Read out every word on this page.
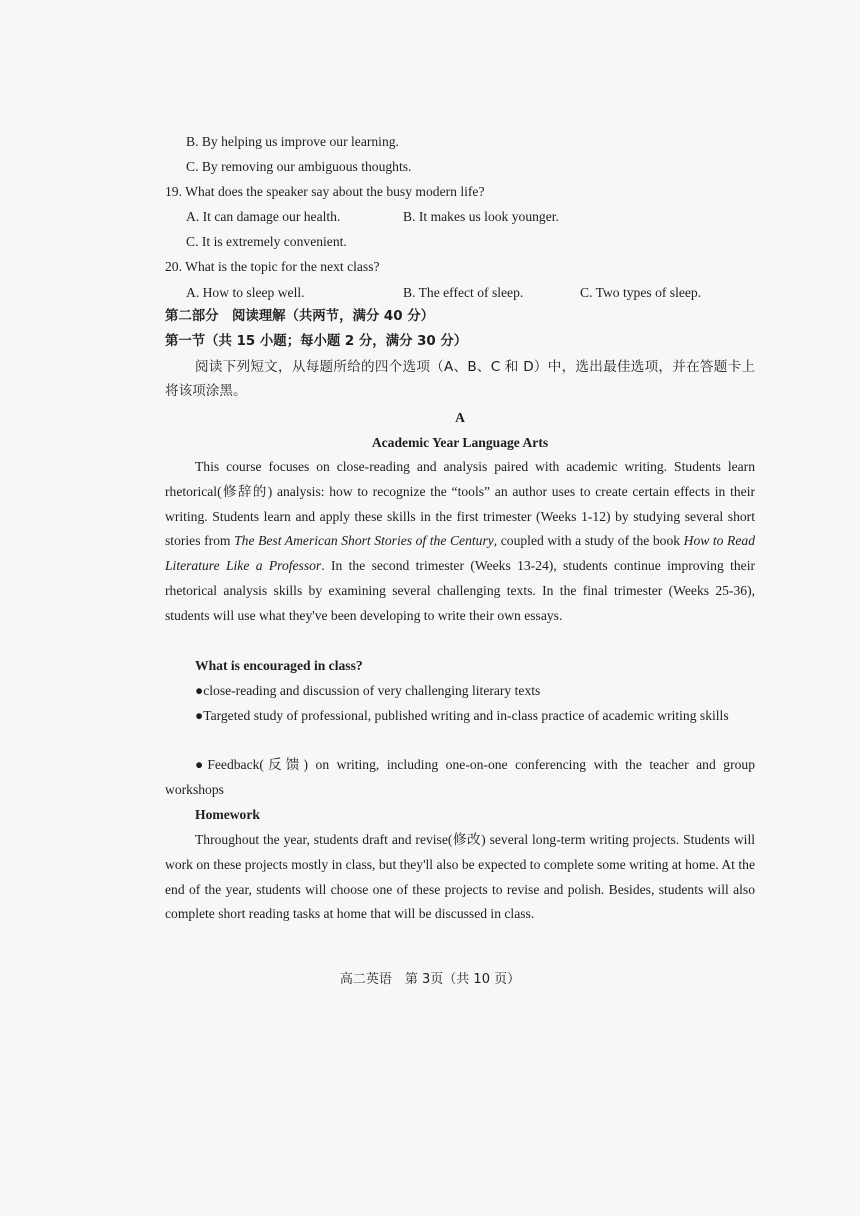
B. By helping us improve our learning.
C. By removing our ambiguous thoughts.
19. What does the speaker say about the busy modern life?
A. It can damage our health.	B. It makes us look younger.
C. It is extremely convenient.
20. What is the topic for the next class?
A. How to sleep well.	B. The effect of sleep.	C. Two types of sleep.
第二部分　阅读理解（共两节，满分 40 分）
第一节（共 15 小题；每小题 2 分，满分 30 分）

阅读下列短文，从每题所给的四个选项（A、B、C 和 D）中，选出最佳选项，并在答题卡上将该项涂黑。

A
Academic Year Language Arts

This course focuses on close-reading and analysis paired with academic writing. Students learn rhetorical(修辞的) analysis: how to recognize the “tools” an author uses to create certain effects in their writing. Students learn and apply these skills in the first trimester (Weeks 1-12) by studying several short stories from The Best American Short Stories of the Century, coupled with a study of the book How to Read Literature Like a Professor. In the second trimester (Weeks 13-24), students continue improving their rhetorical analysis skills by examining several challenging texts. In the final trimester (Weeks 25-36), students will use what they've been developing to write their own essays.

What is encouraged in class?
●close-reading and discussion of very challenging literary texts
●Targeted study of professional, published writing and in-class practice of academic writing skills
●Feedback(反馈) on writing, including one-on-one conferencing with the teacher and group workshops
Homework

Throughout the year, students draft and revise(修改) several long-term writing projects. Students will work on these projects mostly in class, but they'll also be expected to complete some writing at home. At the end of the year, students will choose one of these projects to revise and polish. Besides, students will also complete short reading tasks at home that will be discussed in class.

高二英语　第 3页（共 10 页）
